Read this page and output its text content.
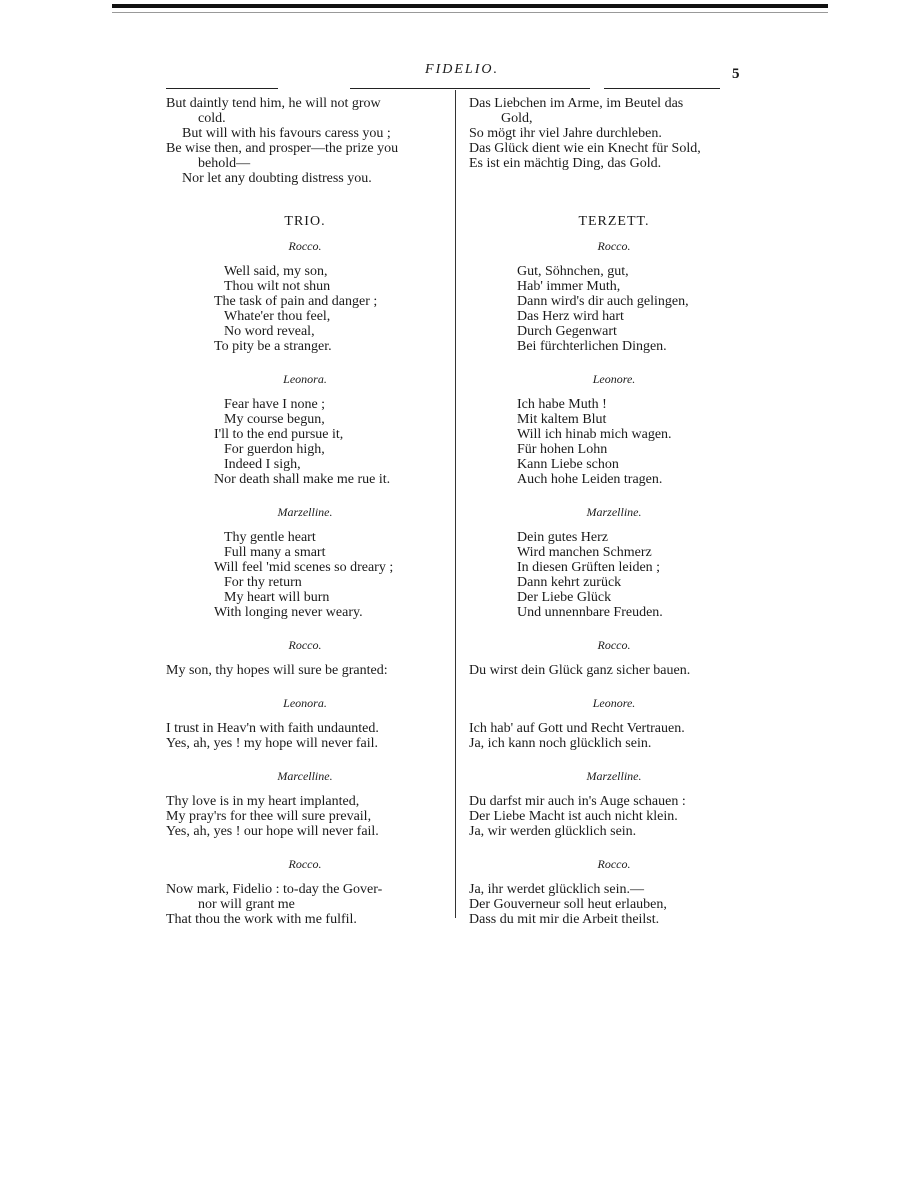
FIDELIO.	5
But daintly tend him, he will not grow
cold.
But will with his favours caress you ;
Be wise then, and prosper—the prize you
behold—
Nor let any doubting distress you.
TRIO.
Rocco.
Well said, my son,
Thou wilt not shun
The task of pain and danger ;
Whate'er thou feel,
No word reveal,
To pity be a stranger.
Leonora.
Fear have I none ;
My course begun,
I'll to the end pursue it,
For guerdon high,
Indeed I sigh,
Nor death shall make me rue it.
Marzelline.
Thy gentle heart
Full many a smart
Will feel 'mid scenes so dreary ;
For thy return
My heart will burn
With longing never weary.
Rocco.
My son, thy hopes will sure be granted:
Leonora.
I trust in Heav'n with faith undaunted.
Yes, ah, yes ! my hope will never fail.
Marcelline.
Thy love is in my heart implanted,
My pray'rs for thee will sure prevail,
Yes, ah, yes ! our hope will never fail.
Rocco.
Now mark, Fidelio : to-day the Gover-
nor will grant me
That thou the work with me fulfil.
Das Liebchen im Arme, im Beutel das
Gold,
So mögt ihr viel Jahre durchleben.
Das Glück dient wie ein Knecht für Sold,
Es ist ein mächtig Ding, das Gold.
TERZETT.
Rocco.
Gut, Söhnchen, gut,
Hab' immer Muth,
Dann wird's dir auch gelingen,
Das Herz wird hart
Durch Gegenwart
Bei fürchterlichen Dingen.
Leonore.
Ich habe Muth !
Mit kaltem Blut
Will ich hinab mich wagen.
Für hohen Lohn
Kann Liebe schon
Auch hohe Leiden tragen.
Marzelline.
Dein gutes Herz
Wird manchen Schmerz
In diesen Grüften leiden ;
Dann kehrt zurück
Der Liebe Glück
Und unnennbare Freuden.
Rocco.
Du wirst dein Glück ganz sicher bauen.
Leonore.
Ich hab' auf Gott und Recht Vertrauen.
Ja, ich kann noch glücklich sein.
Marzelline.
Du darfst mir auch in's Auge schauen :
Der Liebe Macht ist auch nicht klein.
Ja, wir werden glücklich sein.
Rocco.
Ja, ihr werdet glücklich sein.—
Der Gouverneur soll heut erlauben,
Dass du mit mir die Arbeit theilst.
